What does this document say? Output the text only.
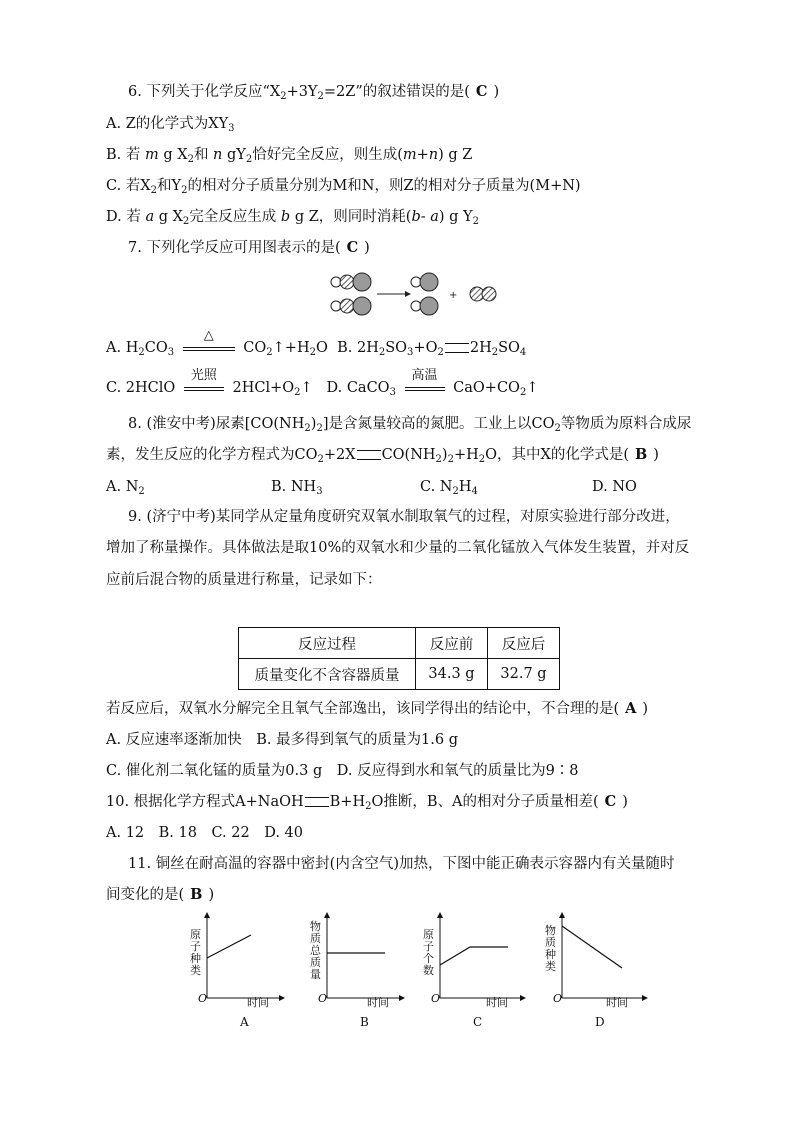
6. 下列关于化学反应“$X_2+3Y_2=2Z$”的叙述错误的是( C )
A. Z的化学式为$XY_3$
B. 若 m g $X_2$和 n $gY_2$恰好完全反应，则生成(m+n) g Z
C. 若$X_2$和$Y_2$的相对分子质量分别为M和N，则Z的相对分子质量为(M+N)
D. 若 a g $X_2$完全反应生成 b g Z，则同时消耗(b- a) g $Y_2$
7. 下列化学反应可用图表示的是( C )
+
A. $H_2CO_3$
△
$CO_2↑+H_2O$ B. $2H_2SO_3+O_2$ $2H_2SO_4$
C. 2HClO
光照
$2HCl+O_2↑$ D. CaCO$_3$
高温
$CaO+CO_2↑$
8. (淮安中考)尿素$[CO(NH_2)_2]$是含氮量较高的氮肥。工业上以$CO_2$等物质为原料合成尿
素，发生反应的化学方程式为$CO_2+2X$ $CO(NH_2)_2+H_2O$，其中X的化学式是( B )
A. $N_2$	B. $NH_3$	C. $N_2H_4$	D. NO
9. (济宁中考)某同学从定量角度研究双氧水制取氧气的过程，对原实验进行部分改进，
增加了称量操作。具体做法是取10%的双氧水和少量的二氧化锰放入气体发生装置，并对反
应前后混合物的质量进行称量，记录如下：
反应过程	反应前	反应后
质量变化不含容器质量	34.3 g	32.7 g
若反应后，双氧水分解完全且氧气全部逸出，该同学得出的结论中，不合理的是( A )
A. 反应速率逐渐加快　B. 最多得到氧气的质量为1.6 g
C. 催化剂二氧化锰的质量为0.3 g　D. 反应得到水和氧气的质量比为9∶8
10. 根据化学方程式A+NaOH $B+H_2O$推断，B、A的相对分子质量相差( C )
A. 12　B. 18　C. 22　D. 40
11. 铜丝在耐高温的容器中密封(内含空气)加热，下图中能正确表示容器内有关量随时
间变化的是( B )
原
子
种
类
O	时间
A
物
质
总
质
量
O	时间
B
原
子
个
数
O	时间
C
物
质
种
类
O	时间
D
